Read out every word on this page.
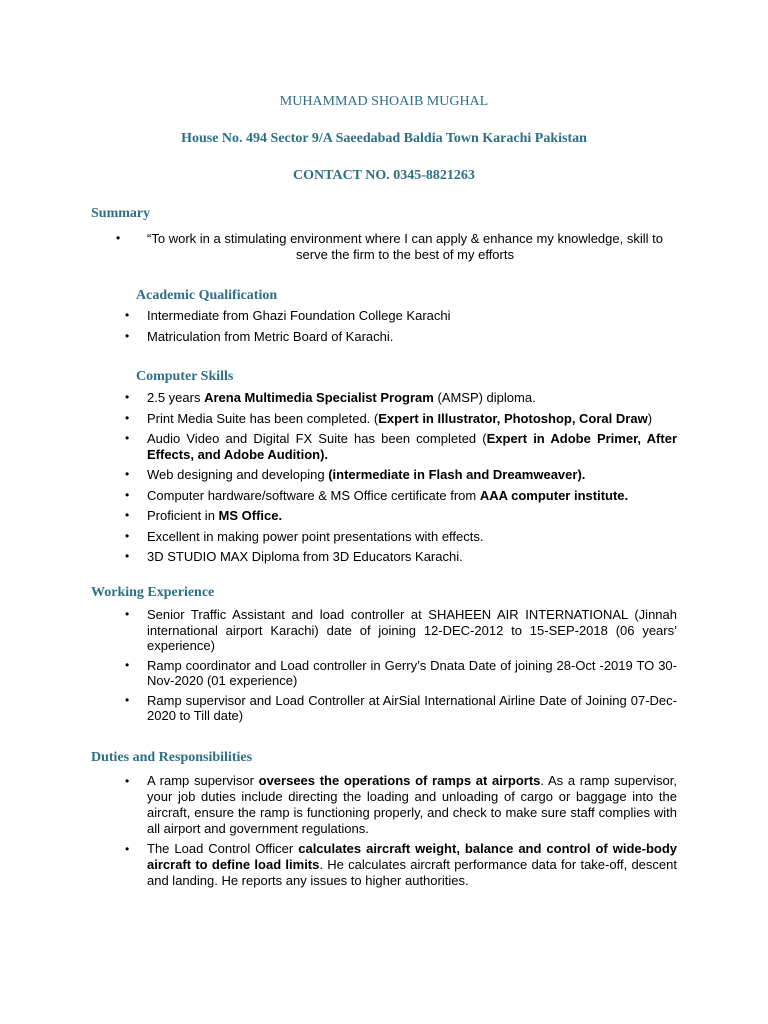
MUHAMMAD SHOAIB MUGHAL
House No. 494 Sector 9/A Saeedabad Baldia Town Karachi Pakistan
CONTACT NO. 0345-8821263
Summary
•	“To work in a stimulating environment where I can apply & enhance my knowledge, skill to
serve the firm to the best of my efforts
Academic Qualification
• Intermediate from Ghazi Foundation College Karachi
• Matriculation from Metric Board of Karachi.
Computer Skills
• 2.5 years Arena Multimedia Specialist Program (AMSP) diploma.
• Print Media Suite has been completed. (Expert in Illustrator, Photoshop, Coral Draw)
• Audio Video and Digital FX Suite has been completed (Expert in Adobe Primer, After Effects, and Adobe Audition).
• Web designing and developing (intermediate in Flash and Dreamweaver).
• Computer hardware/software & MS Office certificate from AAA computer institute.
• Proficient in MS Office.
• Excellent in making power point presentations with effects.
• 3D STUDIO MAX Diploma from 3D Educators Karachi.
Working Experience
• Senior Traffic Assistant and load controller at SHAHEEN AIR INTERNATIONAL (Jinnah international airport Karachi) date of joining 12-DEC-2012 to 15-SEP-2018 (06 years’ experience)
• Ramp coordinator and Load controller in Gerry’s Dnata Date of joining 28-Oct -2019 TO 30-Nov-2020 (01 experience)
• Ramp supervisor and Load Controller at AirSial International Airline Date of Joining 07-Dec-2020 to Till date)
Duties and Responsibilities
• A ramp supervisor oversees the operations of ramps at airports. As a ramp supervisor, your job duties include directing the loading and unloading of cargo or baggage into the aircraft, ensure the ramp is functioning properly, and check to make sure staff complies with all airport and government regulations.
• The Load Control Officer calculates aircraft weight, balance and control of wide-body aircraft to define load limits. He calculates aircraft performance data for take-off, descent and landing. He reports any issues to higher authorities.
